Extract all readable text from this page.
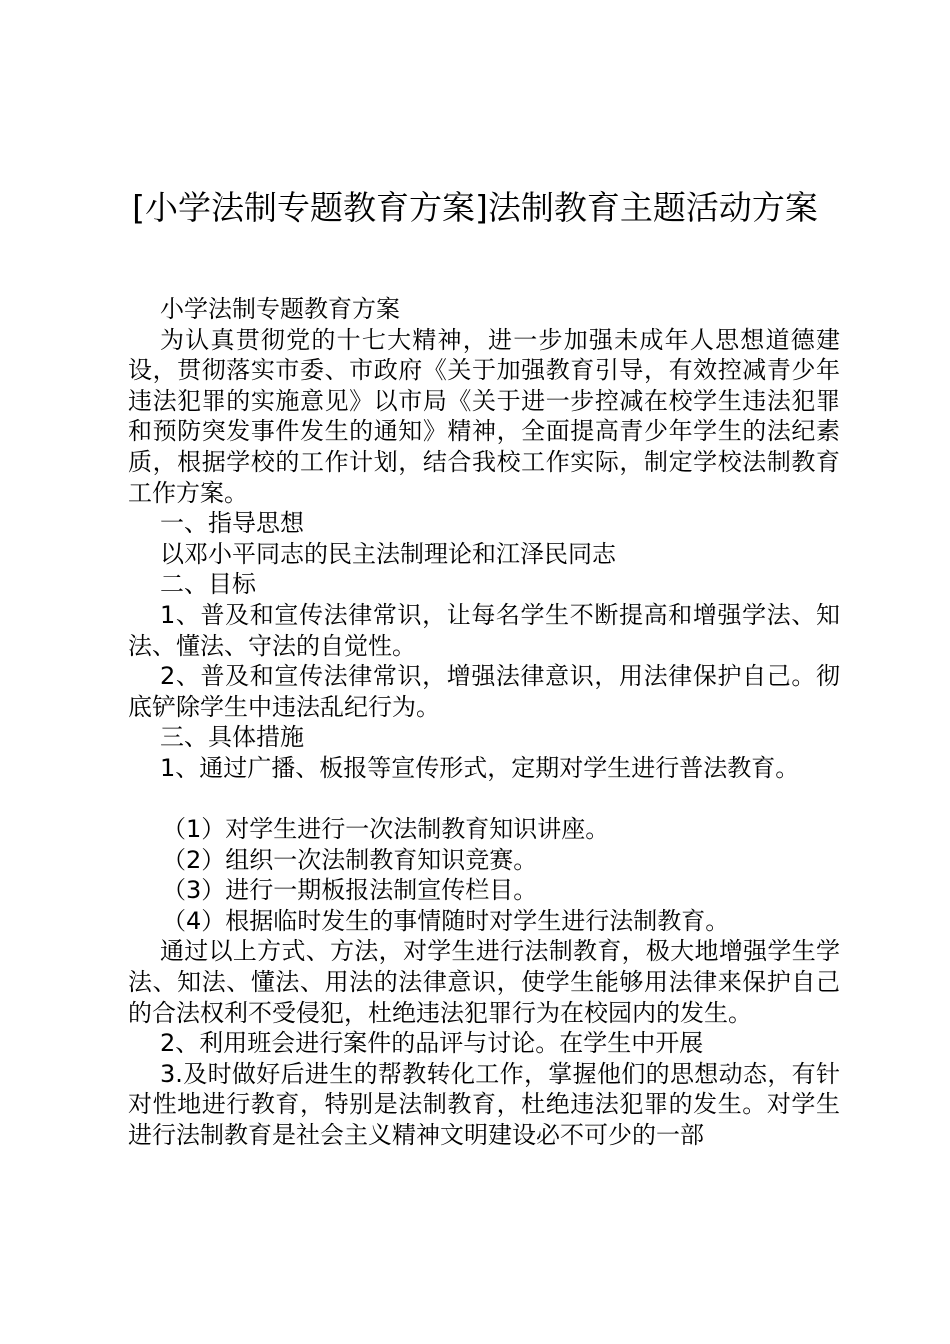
[小学法制专题教育方案]法制教育主题活动方案

小学法制专题教育方案

为认真贯彻党的十七大精神，进一步加强未成年人思想道德建设，贯彻落实市委、市政府《关于加强教育引导，有效控减青少年违法犯罪的实施意见》以市局《关于进一步控减在校学生违法犯罪和预防突发事件发生的通知》精神，全面提高青少年学生的法纪素质，根据学校的工作计划，结合我校工作实际，制定学校法制教育工作方案。

一、指导思想

以邓小平同志的民主法制理论和江泽民同志

二、目标

1、普及和宣传法律常识，让每名学生不断提高和增强学法、知法、懂法、守法的自觉性。

2、普及和宣传法律常识，增强法律意识，用法律保护自己。彻底铲除学生中违法乱纪行为。

三、具体措施

1、通过广播、板报等宣传形式，定期对学生进行普法教育。

（1）对学生进行一次法制教育知识讲座。

（2）组织一次法制教育知识竞赛。

（3）进行一期板报法制宣传栏目。

（4）根据临时发生的事情随时对学生进行法制教育。

通过以上方式、方法，对学生进行法制教育，极大地增强学生学法、知法、懂法、用法的法律意识，使学生能够用法律来保护自己的合法权利不受侵犯，杜绝违法犯罪行为在校园内的发生。

2、利用班会进行案件的品评与讨论。在学生中开展

3.及时做好后进生的帮教转化工作，掌握他们的思想动态，有针对性地进行教育，特别是法制教育，杜绝违法犯罪的发生。对学生进行法制教育是社会主义精神文明建设必不可少的一部
